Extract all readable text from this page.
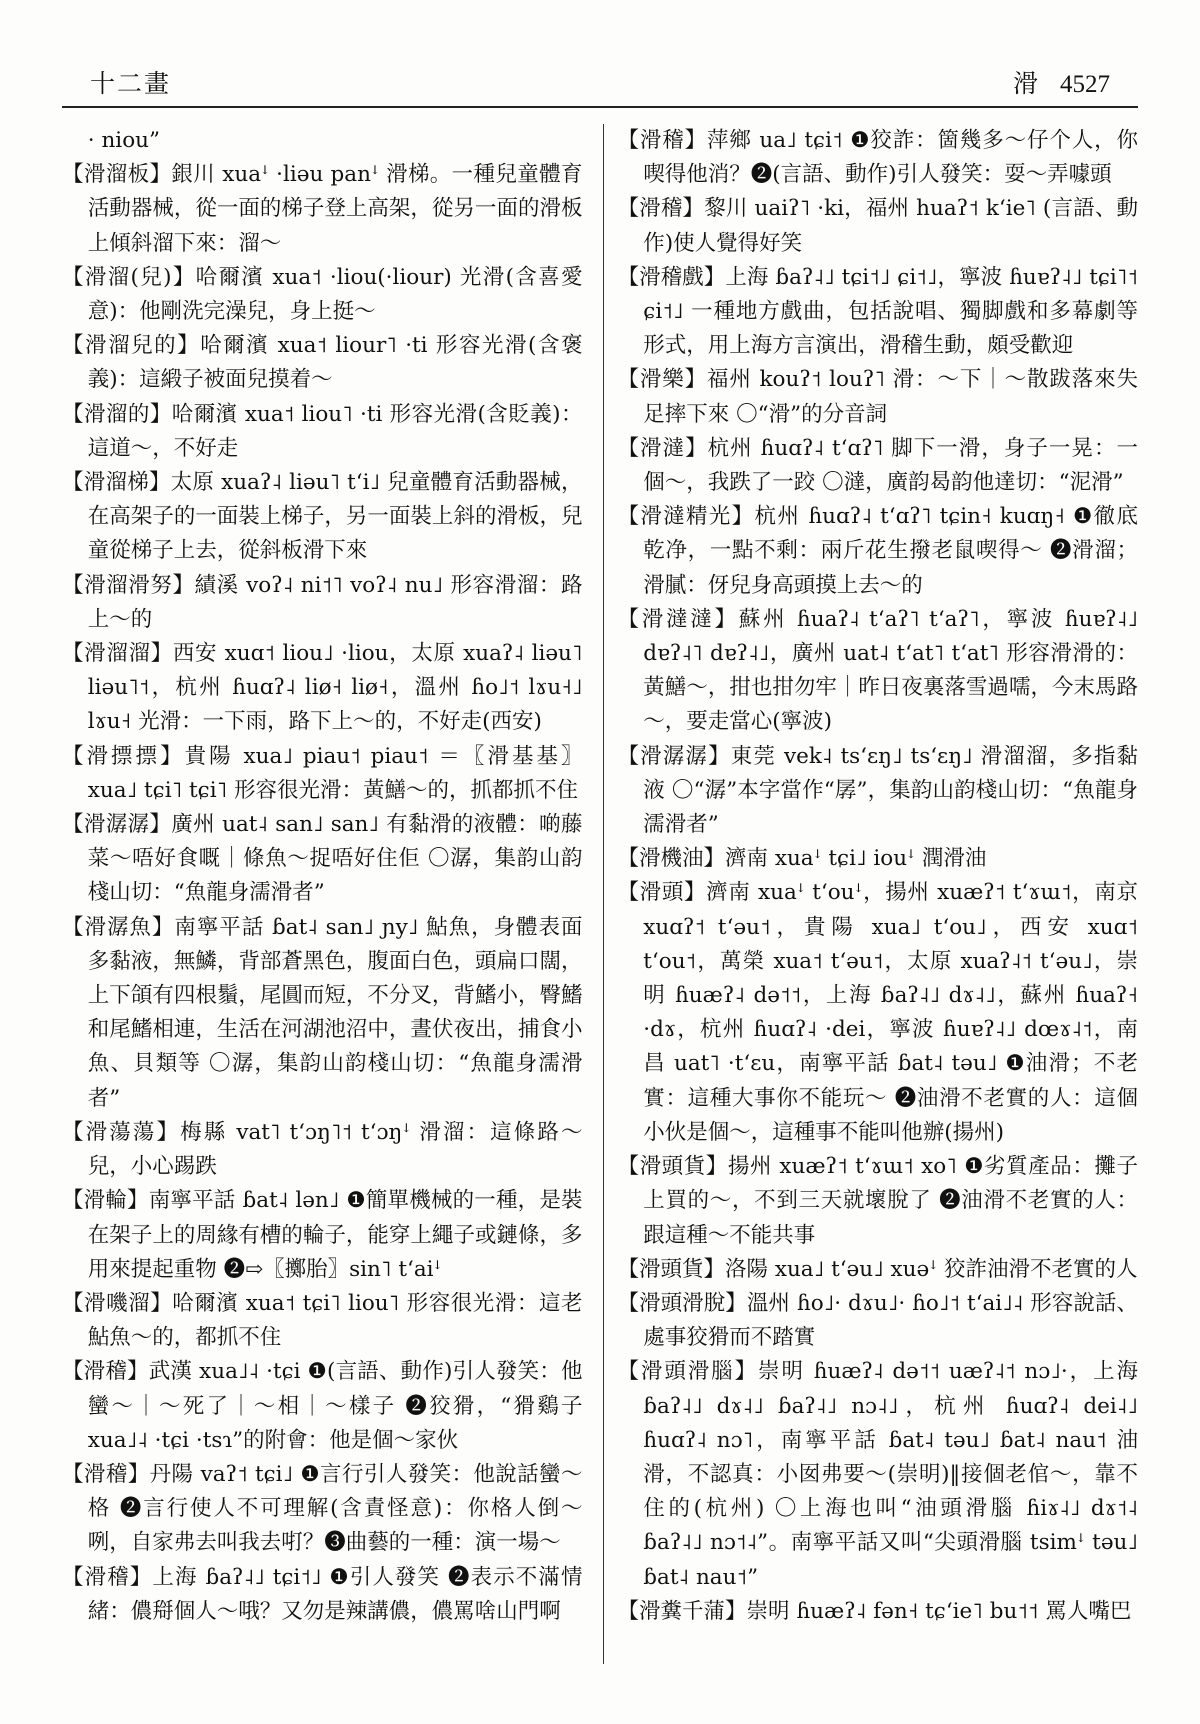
十二畫	滑 4527

· niou”

【滑溜板】銀川 xuaꜜ ·liəu panꜜ 滑梯。一種兒童體育活動器械，從一面的梯子登上高架，從另一面的滑板上傾斜溜下來：溜～

【滑溜(兒)】哈爾濱 xua˦ ·liou(·liour) 光滑(含喜愛意)：他剛洗完澡兒，身上挺～

【滑溜兒的】哈爾濱 xua˦ liour˥ ·ti 形容光滑(含褒義)：這緞子被面兒摸着～

【滑溜的】哈爾濱 xua˦ liou˥ ·ti 形容光滑(含貶義)：這道～，不好走

【滑溜梯】太原 xuaʔ˨ liəu˥ tʻi˩ 兒童體育活動器械，在高架子的一面裝上梯子，另一面裝上斜的滑板，兒童從梯子上去，從斜板滑下來

【滑溜滑努】績溪 voʔ˨ ni˦˥ voʔ˨ nu˩ 形容滑溜：路上～的

【滑溜溜】西安 xuɑ˦ liou˩ ·liou，太原 xuaʔ˨ liəu˥ liəu˥˦，杭州 ɦuɑʔ˨ liø˧ liø˧，溫州 ɦo˩˦ lɤu˧˩ lɤu˧ 光滑：一下雨，路下上～的，不好走(西安)

【滑摽摽】貴陽 xua˩ piau˦ piau˦ ＝〖滑基基〗xua˩ tɕi˥ tɕi˥ 形容很光滑：黃鱔～的，抓都抓不住

【滑潺潺】廣州 uat˨ san˩ san˩ 有黏滑的液體：啲藤菜～唔好食嘅｜條魚～捉唔好住佢 〇潺，集韵山韵棧山切：“魚龍身濡滑者”

【滑潺魚】南寧平話 ɓat˨ san˩ ɲy˩ 鮎魚，身體表面多黏液，無鱗，背部蒼黑色，腹面白色，頭扁口闊，上下頜有四根鬚，尾圓而短，不分叉，背鰭小，臀鰭和尾鰭相連，生活在河湖池沼中，晝伏夜出，捕食小魚、貝類等 〇潺，集韵山韵棧山切：“魚龍身濡滑者”

【滑蕩蕩】梅縣 vat˥ tʻɔŋ˥˦ tʻɔŋꜜ 滑溜：這條路～兒，小心踢跌

【滑輪】南寧平話 ɓat˨ lən˩ ❶簡單機械的一種，是裝在架子上的周緣有槽的輪子，能穿上繩子或鏈條，多用來提起重物 ❷⇨〖擲胎〗sin˥ tʻaiꜜ

【滑嘰溜】哈爾濱 xua˦ tɕi˥ liou˥ 形容很光滑：這老鮎魚～的，都抓不住

【滑稽】武漢 xua˩˨ ·tɕi ❶(言語、動作)引人發笑：他蠻～｜～死了｜～相｜～樣子 ❷狡猾，“猾鷄子 xua˩˨ ·tɕi ·tsɿ”的附會：他是個～家伙

【滑稽】丹陽 vaʔ˦ tɕi˩ ❶言行引人發笑：他說話蠻～格 ❷言行使人不可理解(含責怪意)：你格人倒～咧，自家弗去叫我去咑？❸曲藝的一種：演一場～

【滑稽】上海 ɓaʔ˨˩ tɕi˦˩ ❶引人發笑 ❷表示不滿情緒：儂搿個人～哦？又勿是辣講儂，儂罵啥山門啊

【滑稽】萍鄉 ua˩ tɕi˦ ❶狡詐：箇幾多～仔个人，你喫得他消？❷(言語、動作)引人發笑：耍～弄噱頭

【滑稽】黎川 uaiʔ˥ ·ki，福州 huaʔ˦ kʻie˥ (言語、動作)使人覺得好笑

【滑稽戲】上海 ɓaʔ˨˩ tɕi˦˩ ɕi˦˩，寧波 ɦuɐʔ˨˩ tɕi˥˦ ɕi˦˩ 一種地方戲曲，包括說唱、獨脚戲和多幕劇等形式，用上海方言演出，滑稽生動，頗受歡迎

【滑樂】福州 kouʔ˦ louʔ˥ 滑：～下｜～散跋落來失足摔下來 〇“滑”的分音詞

【滑澾】杭州 ɦuɑʔ˨ tʻɑʔ˥ 脚下一滑，身子一晃：一個～，我跌了一跤 〇澾，廣韵曷韵他達切：“泥滑”

【滑澾精光】杭州 ɦuɑʔ˨ tʻɑʔ˥ tɕin˧ kuɑŋ˧ ❶徹底乾净，一點不剩：兩斤花生撥老鼠喫得～ ❷滑溜；滑膩：伢兒身高頭摸上去～的

【滑澾澾】蘇州 ɦuaʔ˨ tʻaʔ˥ tʻaʔ˥，寧波 ɦuɐʔ˨˩ dɐʔ˨˥ dɐʔ˨˩，廣州 uat˨ tʻat˥ tʻat˥ 形容滑滑的：黃鱔～，拑也拑勿牢｜昨日夜裏落雪過嚅，今末馬路～，要走當心(寧波)

【滑潺潺】東莞 vek˨ tsʻɛŋ˩ tsʻɛŋ˩ 滑溜溜，多指黏液 〇“潺”本字當作“孱”，集韵山韵棧山切：“魚龍身濡滑者”

【滑機油】濟南 xuaꜜ tɕi˩ iouꜜ 潤滑油

【滑頭】濟南 xuaꜜ tʻouꜜ，揚州 xuæʔ˦ tʻɤɯ˦，南京 xuɑʔ˦ tʻəu˦，貴陽 xua˩ tʻou˩，西安 xuɑ˦ tʻou˦，萬榮 xua˦ tʻəu˦，太原 xuaʔ˨˦ tʻəu˩，崇明 ɦuæʔ˨ də˦˦，上海 ɓaʔ˨˩ dɤ˨˩，蘇州 ɦuaʔ˧ ·dɤ，杭州 ɦuɑʔ˨ ·dei，寧波 ɦuɐʔ˨˩ dœɤ˨˦，南昌 uat˥ ·tʻɛu，南寧平話 ɓat˨ təu˩ ❶油滑；不老實：這種大事你不能玩～ ❷油滑不老實的人：這個小伙是個～，這種事不能叫他辦(揚州)

【滑頭貨】揚州 xuæʔ˦ tʻɤɯ˦ xo˥ ❶劣質產品：攤子上買的～，不到三天就壞脫了 ❷油滑不老實的人：跟這種～不能共事

【滑頭貨】洛陽 xua˩ tʻəu˩ xuəꜜ 狡詐油滑不老實的人

【滑頭滑脫】溫州 ɦo˩· dɤu˩· ɦo˩˦ tʻai˩˨ 形容說話、處事狡猾而不踏實

【滑頭滑腦】崇明 ɦuæʔ˨ də˦˦ uæʔ˨˦ nɔ˩·，上海 ɓaʔ˨˩ dɤ˨˩ ɓaʔ˨˩ nɔ˨˩，杭州 ɦuɑʔ˨ dei˨˩ ɦuɑʔ˨ nɔ˥，南寧平話 ɓat˨ təu˩ ɓat˨ nau˦ 油滑，不認真：小囡弗要～(崇明)‖接個老倌～，靠不住的(杭州) 〇上海也叫“油頭滑腦 ɦiɤ˨˩ dɤ˦˨ ɓaʔ˨˩ nɔ˦˨”。南寧平話又叫“尖頭滑腦 tsimꜜ təu˩ ɓat˨ nau˦”

【滑糞千蒲】崇明 ɦuæʔ˨ fən˧ tɕʻie˥ bu˦˦ 罵人嘴巴
